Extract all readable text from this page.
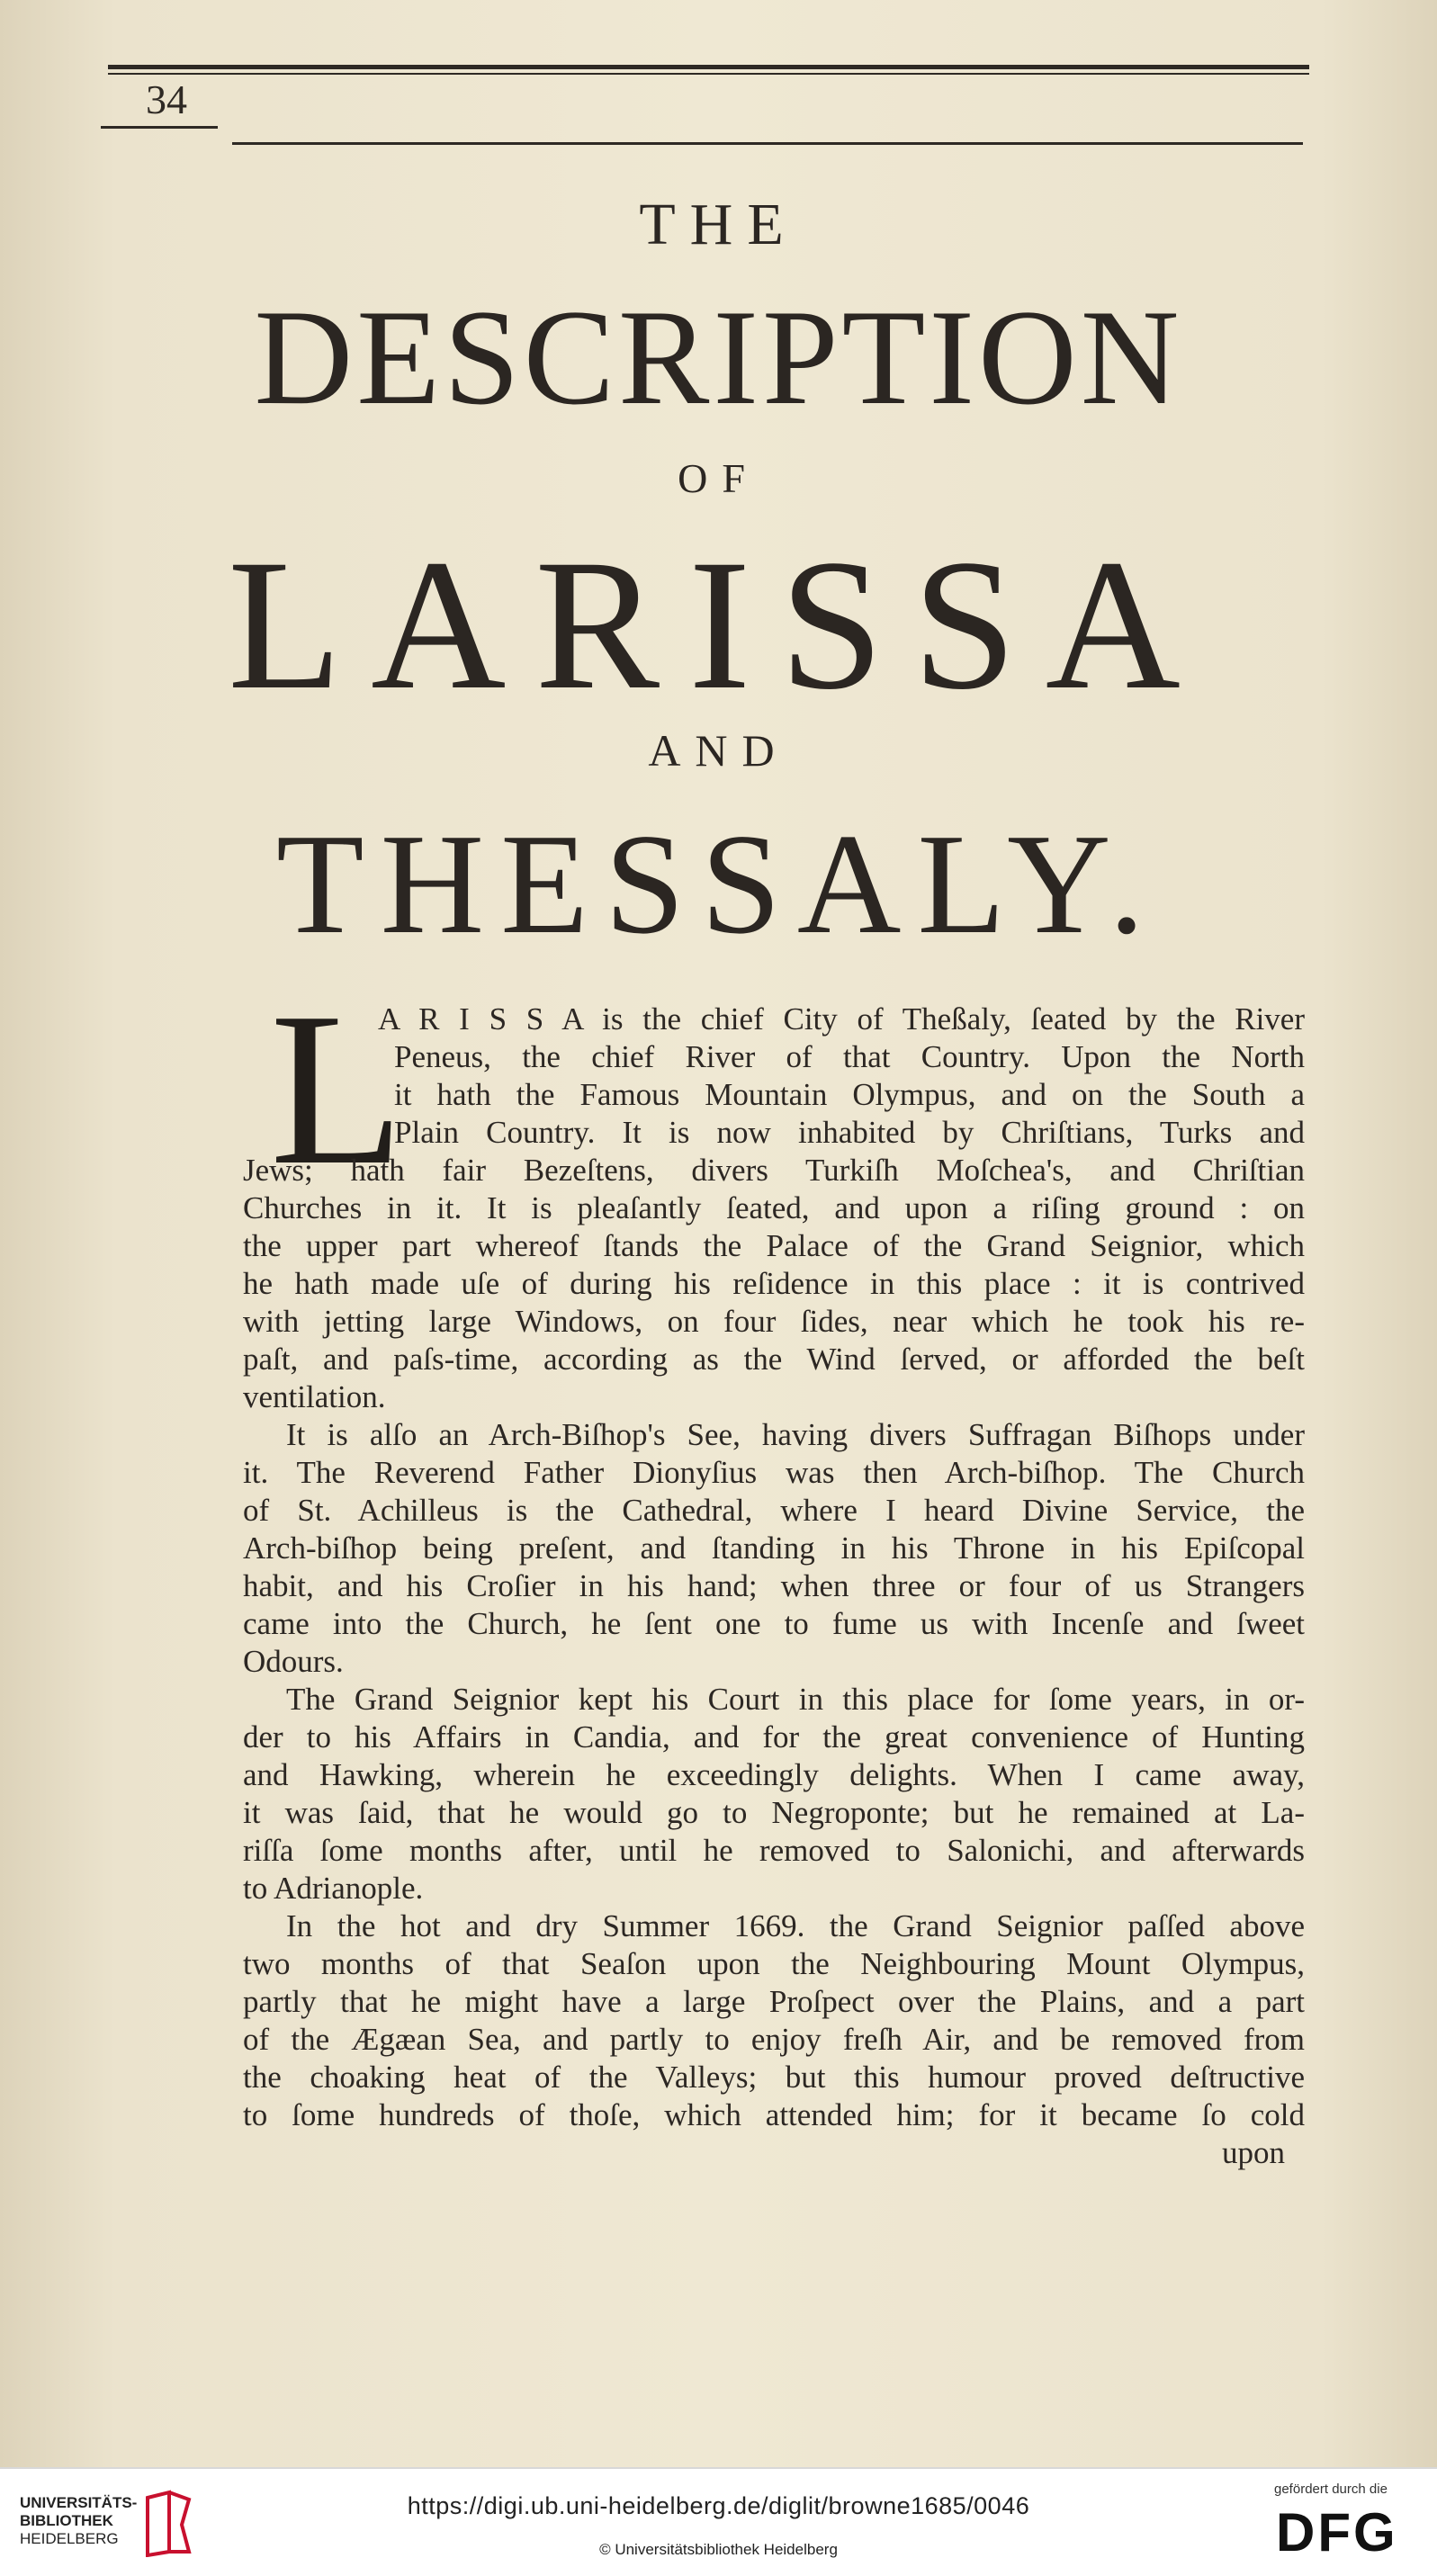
34
THE
DESCRIPTION
OF
LARISSA
AND
THESSALY.
L
A R I S S A is the chief City of Theßaly, ſeated by the River
Peneus, the chief River of that Country. Upon the North
it hath the Famous Mountain Olympus, and on the South a
Plain Country. It is now inhabited by Chriſtians, Turks and
Jews; hath fair Bezeſtens, divers Turkiſh Moſchea's, and Chriſtian
Churches in it. It is pleaſantly ſeated, and upon a riſing ground : on
the upper part whereof ſtands the Palace of the Grand Seignior, which
he hath made uſe of during his reſidence in this place : it is contrived
with jetting large Windows, on four ſides, near which he took his re-
paſt, and paſs-time, according as the Wind ſerved, or afforded the beſt
ventilation.
It is alſo an Arch-Biſhop's See, having divers Suffragan Biſhops under
it. The Reverend Father Dionyſius was then Arch-biſhop. The Church
of St. Achilleus is the Cathedral, where I heard Divine Service, the
Arch-biſhop being preſent, and ſtanding in his Throne in his Epiſcopal
habit, and his Croſier in his hand; when three or four of us Strangers
came into the Church, he ſent one to fume us with Incenſe and ſweet
Odours.
The Grand Seignior kept his Court in this place for ſome years, in or-
der to his Affairs in Candia, and for the great convenience of Hunting
and Hawking, wherein he exceedingly delights. When I came away,
it was ſaid, that he would go to Negroponte; but he remained at La-
riſſa ſome months after, until he removed to Salonichi, and afterwards
to Adrianople.
In the hot and dry Summer 1669. the Grand Seignior paſſed above
two months of that Seaſon upon the Neighbouring Mount Olympus,
partly that he might have a large Proſpect over the Plains, and a part
of the Ægæan Sea, and partly to enjoy freſh Air, and be removed from
the choaking heat of the Valleys; but this humour proved deſtructive
to ſome hundreds of thoſe, which attended him; for it became ſo cold
upon
UNIVERSITÄTS-
BIBLIOTHEK
HEIDELBERG
https://digi.ub.uni-heidelberg.de/diglit/browne1685/0046
© Universitätsbibliothek Heidelberg
gefördert durch die
DFG
